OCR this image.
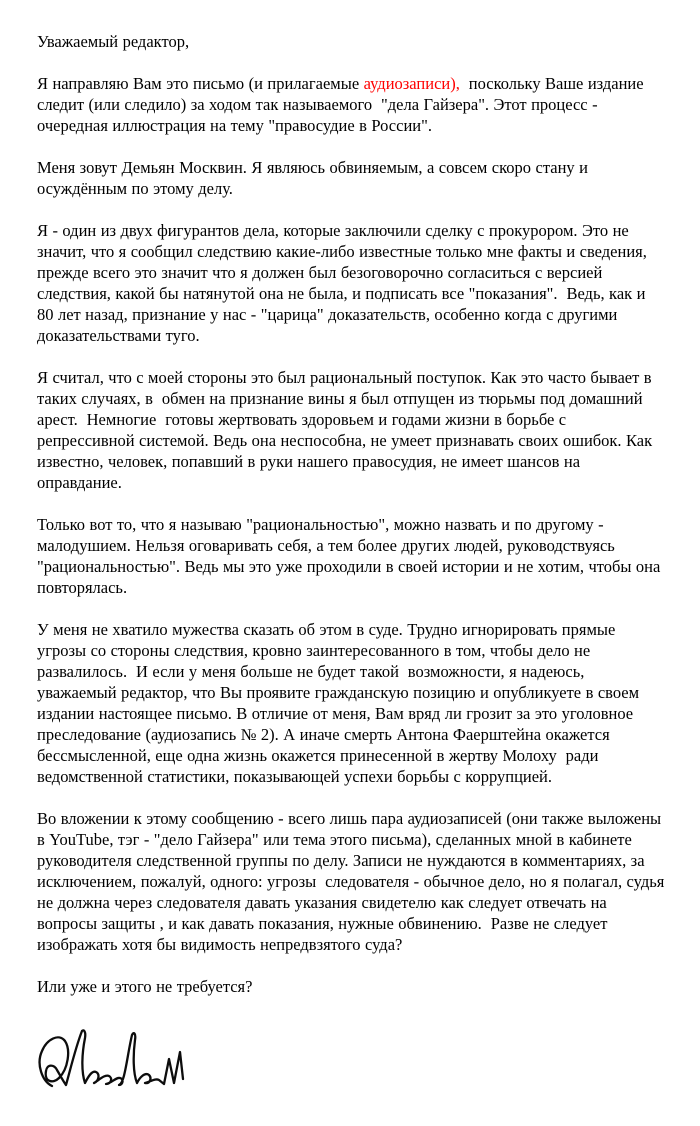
Уважаемый редактор,

Я направляю Вам это письмо (и прилагаемые аудиозаписи),  поскольку Ваше издание следит (или следило) за ходом так называемого  "дела Гайзера". Этот процесс - очередная иллюстрация на тему "правосудие в России".

Меня зовут Демьян Москвин. Я являюсь обвиняемым, а совсем скоро стану и осуждённым по этому делу.

Я - один из двух фигурантов дела, которые заключили сделку с прокурором. Это не значит, что я сообщил следствию какие-либо известные только мне факты и сведения, прежде всего это значит что я должен был безоговорочно согласиться с версией следствия, какой бы натянутой она не была, и подписать все "показания".  Ведь, как и 80 лет назад, признание у нас - "царица" доказательств, особенно когда с другими доказательствами туго.

Я считал, что с моей стороны это был рациональный поступок. Как это часто бывает в таких случаях, в  обмен на признание вины я был отпущен из тюрьмы под домашний арест.  Немногие  готовы жертвовать здоровьем и годами жизни в борьбе с репрессивной системой. Ведь она неспособна, не умеет признавать своих ошибок. Как известно, человек, попавший в руки нашего правосудия, не имеет шансов на оправдание.

Только вот то, что я называю "рациональностью", можно назвать и по другому - малодушием. Нельзя оговаривать себя, а тем более других людей, руководствуясь "рациональностью". Ведь мы это уже проходили в своей истории и не хотим, чтобы она повторялась.

У меня не хватило мужества сказать об этом в суде. Трудно игнорировать прямые угрозы со стороны следствия, кровно заинтересованного в том, чтобы дело не развалилось.  И если у меня больше не будет такой  возможности, я надеюсь, уважаемый редактор, что Вы проявите гражданскую позицию и опубликуете в своем издании настоящее письмо. В отличие от меня, Вам вряд ли грозит за это уголовное преследование (аудиозапись № 2). А иначе смерть Антона Фаерштейна окажется бессмысленной, еще одна жизнь окажется принесенной в жертву Молоху  ради ведомственной статистики, показывающей успехи борьбы с коррупцией.

Во вложении к этому сообщению - всего лишь пара аудиозаписей (они также выложены в YouTube, тэг - "дело Гайзера" или тема этого письма), сделанных мной в кабинете руководителя следственной группы по делу. Записи не нуждаются в комментариях, за исключением, пожалуй, одного: угрозы  следователя - обычное дело, но я полагал, судья не должна через следователя давать указания свидетелю как следует отвечать на вопросы защиты , и как давать показания, нужные обвинению.  Разве не следует изображать хотя бы видимость непредвзятого суда?

Или уже и этого не требуется?
